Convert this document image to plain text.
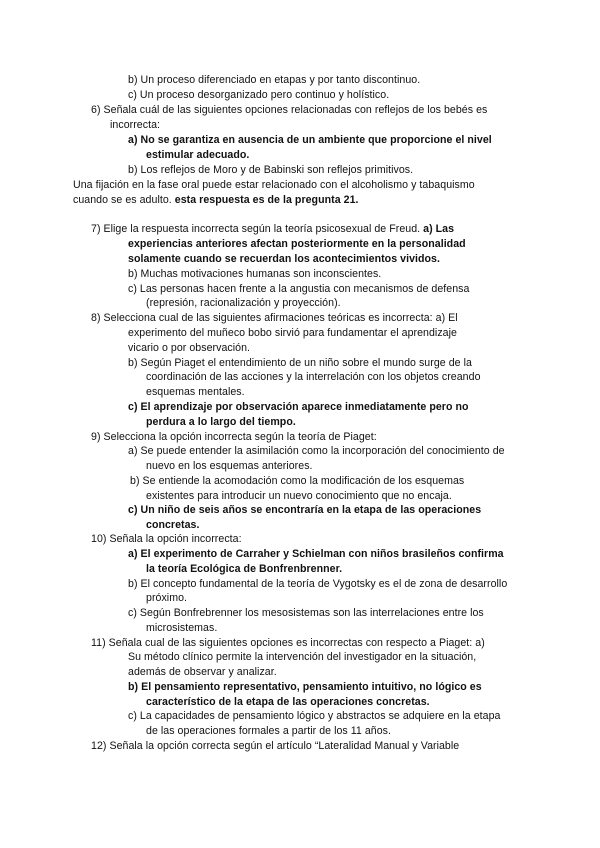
b) Un proceso diferenciado en etapas y por tanto discontinuo.
c) Un proceso desorganizado pero continuo y holístico.
6) Señala cuál de las siguientes opciones relacionadas con reflejos de los bebés es
incorrecta:
a) No se garantiza en ausencia de un ambiente que proporcione el nivel
estimular adecuado.
b) Los reflejos de Moro y de Babinski son reflejos primitivos.
Una fijación en la fase oral puede estar relacionado con el alcoholismo y tabaquismo
cuando se es adulto. esta respuesta es de la pregunta 21.
7) Elige la respuesta incorrecta según la teoría psicosexual de Freud. a) Las
experiencias anteriores afectan posteriormente en la personalidad
solamente cuando se recuerdan los acontecimientos vividos.
b) Muchas motivaciones humanas son inconscientes.
c) Las personas hacen frente a la angustia con mecanismos de defensa
(represión, racionalización y proyección).
8) Selecciona cual de las siguientes afirmaciones teóricas es incorrecta: a) El
experimento del muñeco bobo sirvió para fundamentar el aprendizaje
vicario o por observación.
b) Según Piaget el entendimiento de un niño sobre el mundo surge de la
coordinación de las acciones y la interrelación con los objetos creando
esquemas mentales.
c) El aprendizaje por observación aparece inmediatamente pero no
perdura a lo largo del tiempo.
9) Selecciona la opción incorrecta según la teoría de Piaget:
a) Se puede entender la asimilación como la incorporación del conocimiento de
nuevo en los esquemas anteriores.
b) Se entiende la acomodación como la modificación de los esquemas
existentes para introducir un nuevo conocimiento que no encaja.
c) Un niño de seis años se encontraría en la etapa de las operaciones
concretas.
10) Señala la opción incorrecta:
a) El experimento de Carraher y Schielman con niños brasileños confirma
la teoría Ecológica de Bonfrenbrenner.
b) El concepto fundamental de la teoría de Vygotsky es el de zona de desarrollo
próximo.
c) Según Bonfrebrenner los mesosistemas son las interrelaciones entre los
microsistemas.
11) Señala cual de las siguientes opciones es incorrectas con respecto a Piaget: a)
Su método clínico permite la intervención del investigador en la situación,
además de observar y analizar.
b) El pensamiento representativo, pensamiento intuitivo, no lógico es
característico de la etapa de las operaciones concretas.
c) La capacidades de pensamiento lógico y abstractos se adquiere en la etapa
de las operaciones formales a partir de los 11 años.
12) Señala la opción correcta según el artículo “Lateralidad Manual y Variable
